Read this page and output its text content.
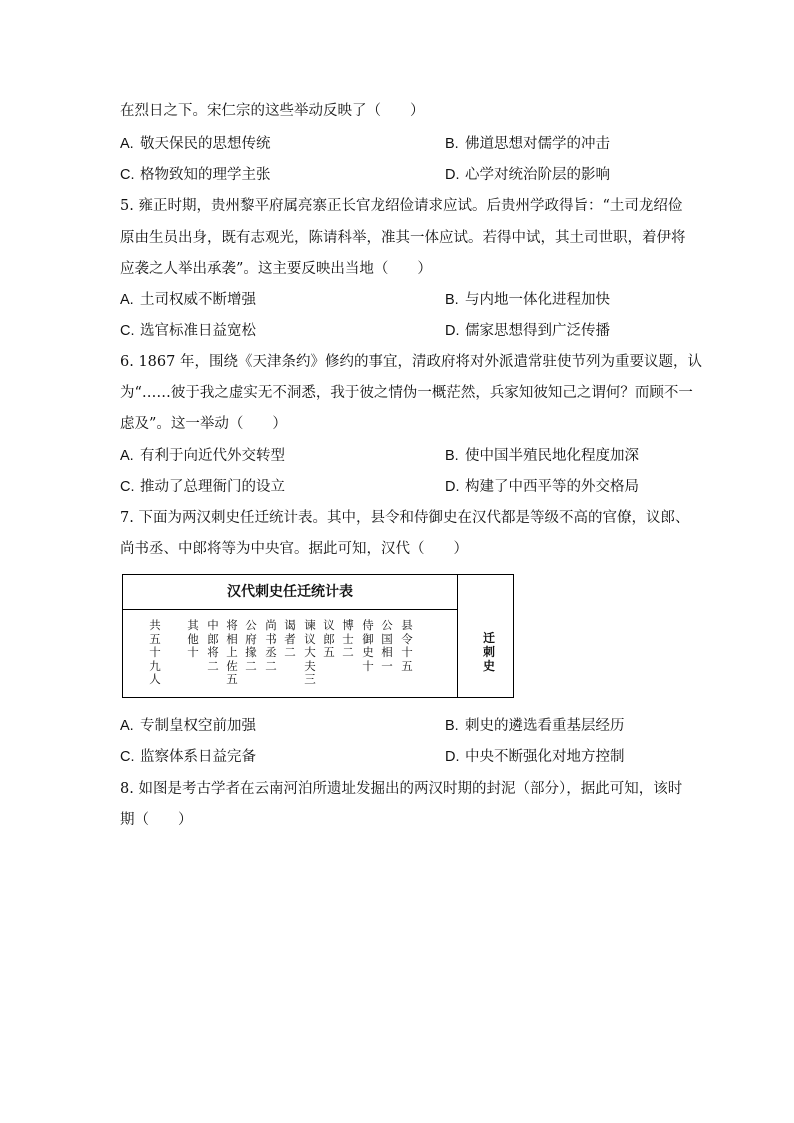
在烈日之下。宋仁宗的这些举动反映了（　　）
A. 敬天保民的思想传统	B. 佛道思想对儒学的冲击
C. 格物致知的理学主张	D. 心学对统治阶层的影响
5. 雍正时期，贵州黎平府属亮寨正长官龙绍俭请求应试。后贵州学政得旨：“土司龙绍俭
原由生员出身，既有志观光，陈请科举，准其一体应试。若得中试，其土司世职，着伊将
应袭之人举出承袭”。这主要反映出当地（　　）
A. 土司权威不断增强	B. 与内地一体化进程加快
C. 选官标准日益宽松	D. 儒家思想得到广泛传播
6. 1867 年，围绕《天津条约》修约的事宜，清政府将对外派遣常驻使节列为重要议题，认
为“……彼于我之虚实无不洞悉，我于彼之情伪一概茫然，兵家知彼知己之谓何？而顾不一
虑及”。这一举动（　　）
A. 有利于向近代外交转型	B. 使中国半殖民地化程度加深
C. 推动了总理衙门的设立	D. 构建了中西平等的外交格局
7. 下面为两汉刺史任迁统计表。其中，县令和侍御史在汉代都是等级不高的官僚，议郎、
尚书丞、中郎将等为中央官。据此可知，汉代（　　）
汉代刺史任迁统计表
迁刺史
县令十五
公国相一
侍御史十
博士二
议郎五
谏议大夫三
谒者二
尚书丞二
公府掾二
将相上佐五
中郎将二
其他十
共五十九人
A. 专制皇权空前加强	B. 刺史的遴选看重基层经历
C. 监察体系日益完备	D. 中央不断强化对地方控制
8. 如图是考古学者在云南河泊所遗址发掘出的两汉时期的封泥（部分），据此可知，该时
期（　　）
